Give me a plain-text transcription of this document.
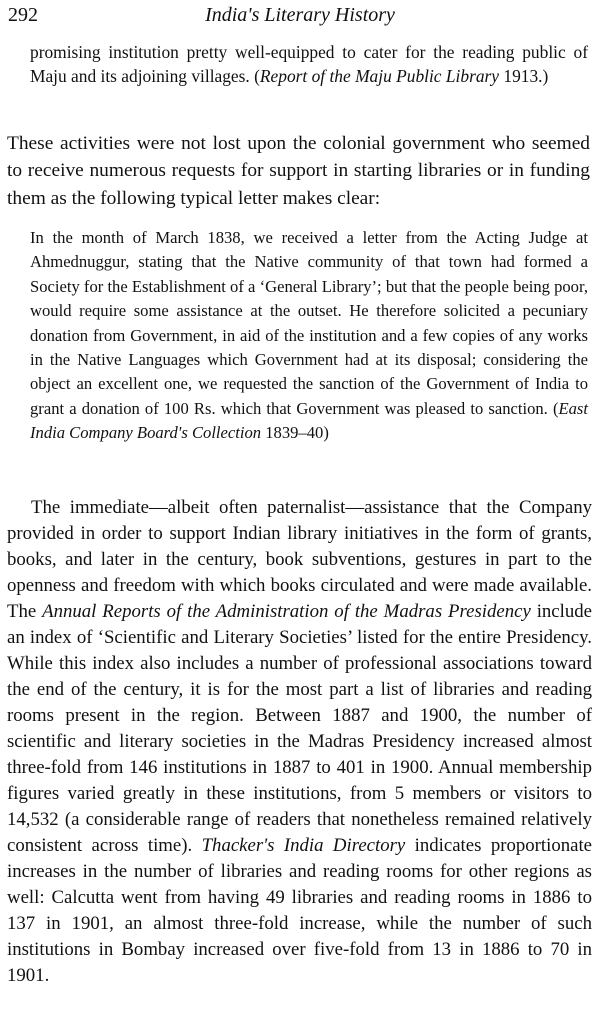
292	India's Literary History

promising institution pretty well-equipped to cater for the reading public of Maju and its adjoining villages. (Report of the Maju Public Library 1913.)

These activities were not lost upon the colonial government who seemed to receive numerous requests for support in starting libraries or in funding them as the following typical letter makes clear:

In the month of March 1838, we received a letter from the Acting Judge at Ahmednuggur, stating that the Native community of that town had formed a Society for the Establishment of a ‘General Library’; but that the people being poor, would require some assistance at the outset. He therefore solicited a pecuniary donation from Government, in aid of the institution and a few copies of any works in the Native Languages which Government had at its disposal; considering the object an excellent one, we requested the sanction of the Government of India to grant a donation of 100 Rs. which that Government was pleased to sanction. (East India Company Board's Collection 1839–40)

The immediate—albeit often paternalist—assistance that the Company provided in order to support Indian library initiatives in the form of grants, books, and later in the century, book subventions, gestures in part to the openness and freedom with which books circulated and were made available. The Annual Reports of the Administration of the Madras Presidency include an index of ‘Scientific and Literary Societies’ listed for the entire Presidency. While this index also includes a number of professional associations toward the end of the century, it is for the most part a list of libraries and reading rooms present in the region. Between 1887 and 1900, the number of scientific and literary societies in the Madras Presidency increased almost three-fold from 146 institutions in 1887 to 401 in 1900. Annual membership figures varied greatly in these institutions, from 5 members or visitors to 14,532 (a considerable range of readers that nonetheless remained relatively consistent across time). Thacker's India Directory indicates proportionate increases in the number of libraries and reading rooms for other regions as well: Calcutta went from having 49 libraries and reading rooms in 1886 to 137 in 1901, an almost three-fold increase, while the number of such institutions in Bombay increased over five-fold from 13 in 1886 to 70 in 1901.
